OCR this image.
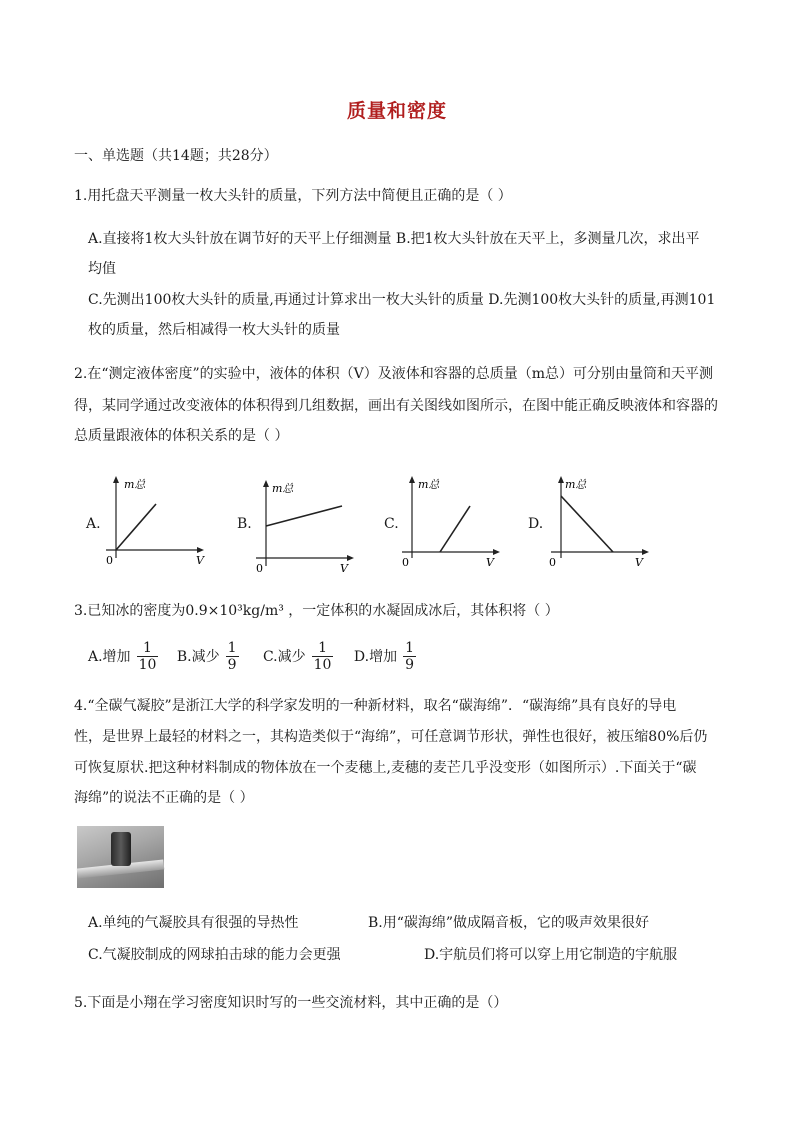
质量和密度
一、单选题（共14题；共28分）
1.用托盘天平测量一枚大头针的质量，下列方法中简便且正确的是（ ）
A.直接将1枚大头针放在调节好的天平上仔细测量 B.把1枚大头针放在天平上，多测量几次，求出平
均值
C.先测出100枚大头针的质量,再通过计算求出一枚大头针的质量 D.先测100枚大头针的质量,再测101
枚的质量，然后相减得一枚大头针的质量
2.在“测定液体密度”的实验中，液体的体积（V）及液体和容器的总质量（m总）可分别由量筒和天平测
得，某同学通过改变液体的体积得到几组数据，画出有关图线如图所示，在图中能正确反映液体和容器的
总质量跟液体的体积关系的是（ ）
A.
m总
0	V
B.
m总
0	V
C.
m总
0	V
D.
m总
0	V
3.已知冰的密度为0.9×10³kg/m³ ，一定体积的水凝固成冰后，其体积将（ ）
A.增加 $\frac{1}{10}$
B.减少 $\frac{1}{9}$
C.减少 $\frac{1}{10}$
D.增加 $\frac{1}{9}$
4.“全碳气凝胶”是浙江大学的科学家发明的一种新材料，取名“碳海绵”．“碳海绵”具有良好的导电
性，是世界上最轻的材料之一，其构造类似于“海绵”，可任意调节形状，弹性也很好，被压缩80%后仍
可恢复原状.把这种材料制成的物体放在一个麦穗上,麦穗的麦芒几乎没变形（如图所示）.下面关于“碳
海绵”的说法不正确的是（ ）
A.单纯的气凝胶具有很强的导热性	B.用“碳海绵”做成隔音板，它的吸声效果很好
C.气凝胶制成的网球拍击球的能力会更强	D.宇航员们将可以穿上用它制造的宇航服
5.下面是小翔在学习密度知识时写的一些交流材料，其中正确的是（）
